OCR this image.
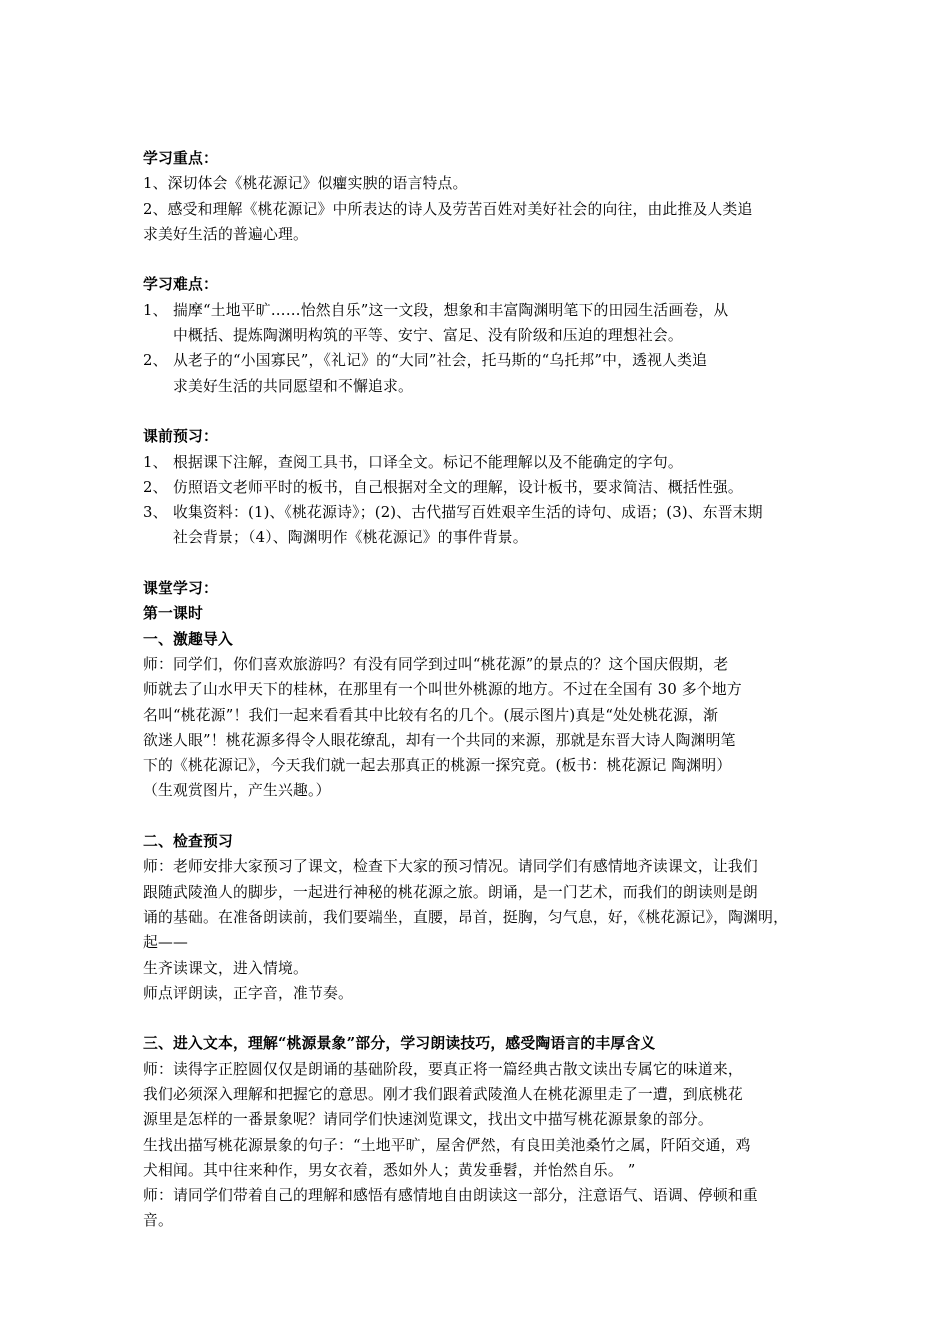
学习重点：
1、深切体会《桃花源记》似癯实腴的语言特点。
2、感受和理解《桃花源记》中所表达的诗人及劳苦百姓对美好社会的向往，由此推及人类追
求美好生活的普遍心理。
学习难点：
1、 揣摩“土地平旷……怡然自乐”这一文段，想象和丰富陶渊明笔下的田园生活画卷，从
中概括、提炼陶渊明构筑的平等、安宁、富足、没有阶级和压迫的理想社会。
2、 从老子的“小国寡民”，《礼记》的“大同”社会，托马斯的“乌托邦”中，透视人类追
求美好生活的共同愿望和不懈追求。
课前预习：
1、 根据课下注解，查阅工具书，口译全文。标记不能理解以及不能确定的字句。
2、 仿照语文老师平时的板书，自己根据对全文的理解，设计板书，要求简洁、概括性强。
3、 收集资料：(1)、《桃花源诗》；(2)、古代描写百姓艰辛生活的诗句、成语；(3)、东晋末期
社会背景；（4）、陶渊明作《桃花源记》的事件背景。
课堂学习：
第一课时
一、激趣导入
师：同学们，你们喜欢旅游吗？有没有同学到过叫“桃花源”的景点的？这个国庆假期，老
师就去了山水甲天下的桂林，在那里有一个叫世外桃源的地方。不过在全国有 30 多个地方
名叫“桃花源”！我们一起来看看其中比较有名的几个。(展示图片)真是“处处桃花源，渐
欲迷人眼”！桃花源多得令人眼花缭乱，却有一个共同的来源，那就是东晋大诗人陶渊明笔
下的《桃花源记》，今天我们就一起去那真正的桃源一探究竟。(板书：桃花源记 陶渊明）
（生观赏图片，产生兴趣。）
二、检查预习
师：老师安排大家预习了课文，检查下大家的预习情况。请同学们有感情地齐读课文，让我们
跟随武陵渔人的脚步，一起进行神秘的桃花源之旅。朗诵，是一门艺术，而我们的朗读则是朗
诵的基础。在准备朗读前，我们要端坐，直腰，昂首，挺胸，匀气息，好，《桃花源记》，陶渊明，
起——
生齐读课文，进入情境。
师点评朗读，正字音，准节奏。
三、进入文本，理解“桃源景象”部分，学习朗读技巧，感受陶语言的丰厚含义
师：读得字正腔圆仅仅是朗诵的基础阶段，要真正将一篇经典古散文读出专属它的味道来，
我们必须深入理解和把握它的意思。刚才我们跟着武陵渔人在桃花源里走了一遭，到底桃花
源里是怎样的一番景象呢？请同学们快速浏览课文，找出文中描写桃花源景象的部分。
生找出描写桃花源景象的句子：“土地平旷，屋舍俨然，有良田美池桑竹之属，阡陌交通，鸡
犬相闻。其中往来种作，男女衣着，悉如外人；黄发垂髫，并怡然自乐。 ”
师：请同学们带着自己的理解和感悟有感情地自由朗读这一部分，注意语气、语调、停顿和重
音。
